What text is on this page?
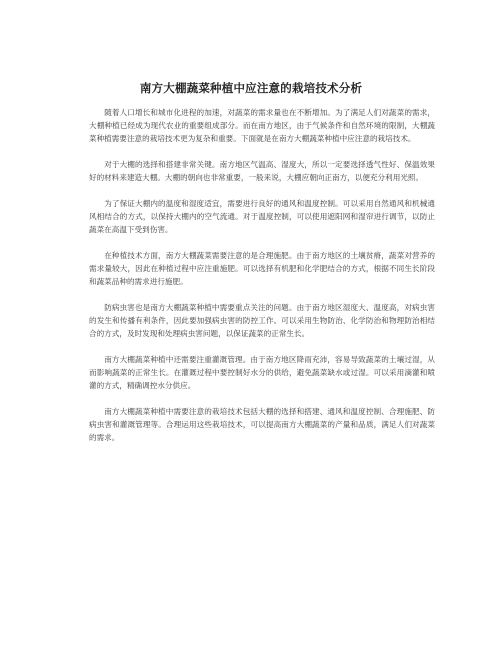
南方大棚蔬菜种植中应注意的栽培技术分析

随着人口增长和城市化进程的加速，对蔬菜的需求量也在不断增加。为了满足人们对蔬菜的需求，大棚种植已经成为现代农业的重要组成部分。而在南方地区，由于气候条件和自然环境的限制，大棚蔬菜种植需要注意的栽培技术更为复杂和重要。下面就是在南方大棚蔬菜种植中应注意的栽培技术。

对于大棚的选择和搭建非常关键。南方地区气温高、湿度大，所以一定要选择透气性好、保温效果好的材料来建造大棚。大棚的朝向也非常重要，一般来说，大棚应朝向正南方，以便充分利用光照。

为了保证大棚内的温度和湿度适宜，需要进行良好的通风和温度控制。可以采用自然通风和机械通风相结合的方式，以保持大棚内的空气流通。对于温度控制，可以使用遮阳网和湿帘进行调节，以防止蔬菜在高温下受到伤害。

在种植技术方面，南方大棚蔬菜需要注意的是合理施肥。由于南方地区的土壤贫瘠，蔬菜对营养的需求量较大，因此在种植过程中应注重施肥。可以选择有机肥和化学肥结合的方式，根据不同生长阶段和蔬菜品种的需求进行施肥。

防病虫害也是南方大棚蔬菜种植中需要重点关注的问题。由于南方地区湿度大、温度高，对病虫害的发生和传播有利条件，因此要加强病虫害的防控工作。可以采用生物防治、化学防治和物理防治相结合的方式，及时发现和处理病虫害问题，以保证蔬菜的正常生长。

南方大棚蔬菜种植中还需要注重灌溉管理。由于南方地区降雨充沛，容易导致蔬菜的土壤过湿，从而影响蔬菜的正常生长。在灌溉过程中要控制好水分的供给，避免蔬菜缺水或过湿。可以采用滴灌和喷灌的方式，精确调控水分供应。

南方大棚蔬菜种植中需要注意的栽培技术包括大棚的选择和搭建、通风和温度控制、合理施肥、防病虫害和灌溉管理等。合理运用这些栽培技术，可以提高南方大棚蔬菜的产量和品质，满足人们对蔬菜的需求。
